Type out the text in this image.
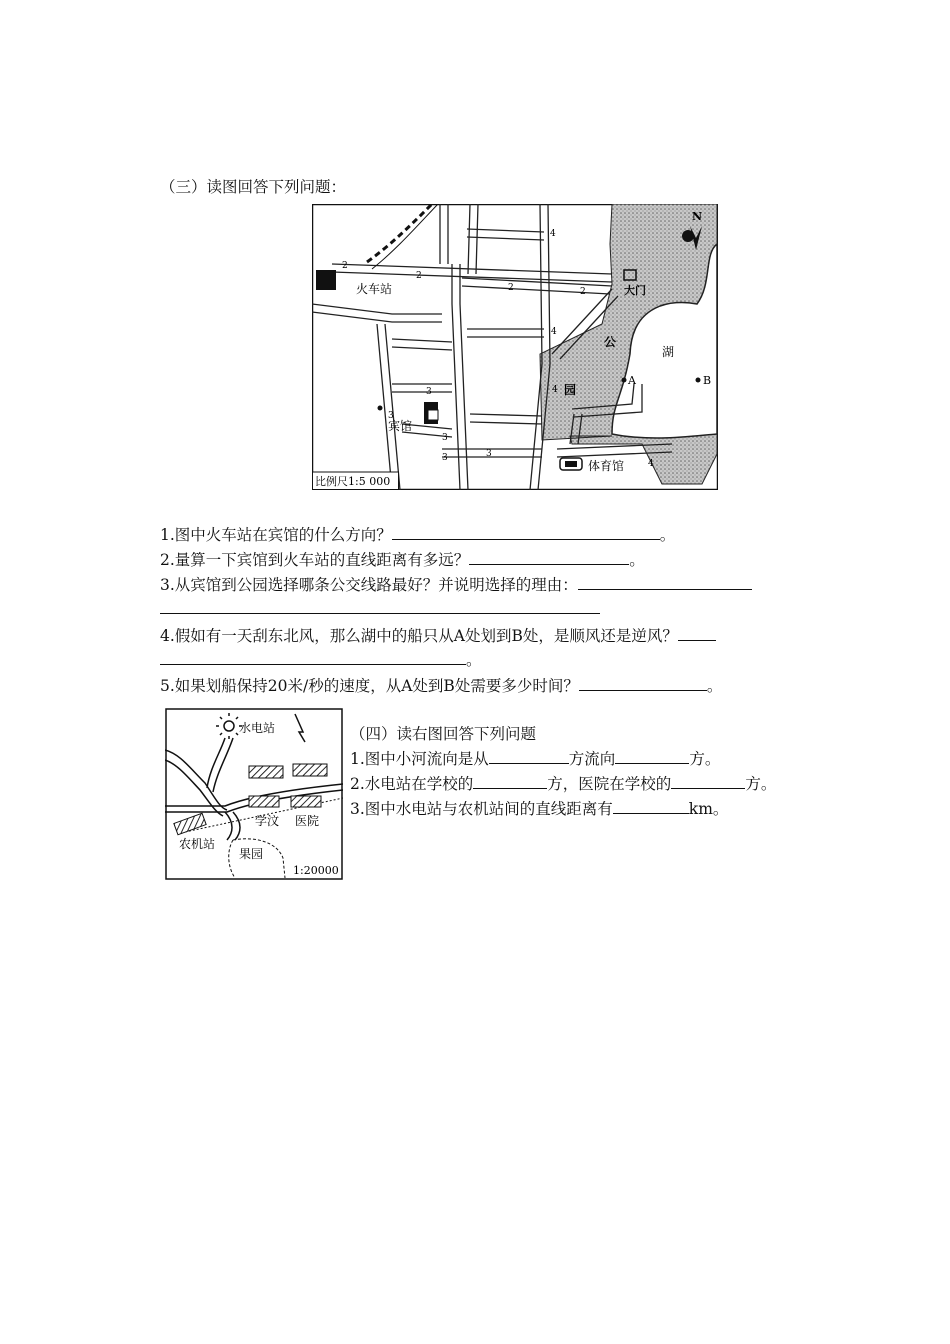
（三）读图回答下列问题：
火车站
宾馆
N
大门
公
园
湖
A	B
体育馆
2
2
2	2
4
4
4
4
3
3
3	3
3
比例尺1:5 000
1.图中火车站在宾馆的什么方向？	。
2.量算一下宾馆到火车站的直线距离有多远？	。
3.从宾馆到公园选择哪条公交线路最好？并说明选择的理由：
4.假如有一天刮东北风，那么湖中的船只从A处划到B处，是顺风还是逆风？
。
5.如果划船保持20米/秒的速度，从A处到B处需要多少时间？	。
水电站
学汶 医院
农机站
果园
1:20000
（四）读右图回答下列问题
1.图中小河流向是从	方流向	方。
2.水电站在学校的	方，医院在学校的	方。
3.图中水电站与农机站间的直线距离有	km。
